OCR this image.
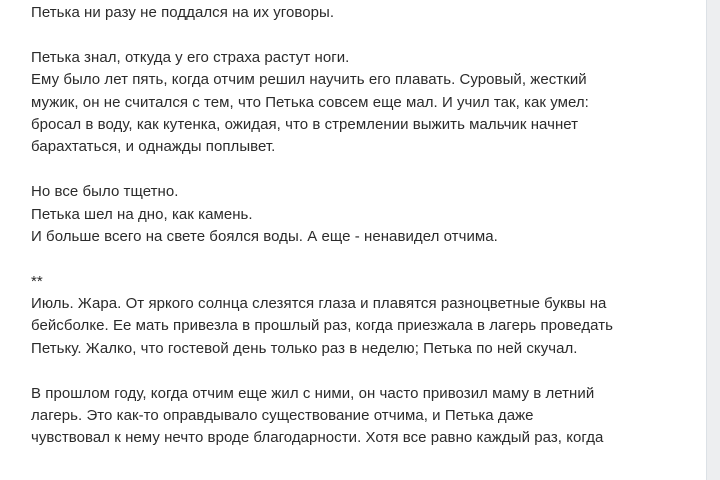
Петька ни разу не поддался на их уговоры.
Петька знал, откуда у его страха растут ноги.
Ему было лет пять, когда отчим решил научить его плавать. Суровый, жесткий
мужик, он не считался с тем, что Петька совсем еще мал. И учил так, как умел:
бросал в воду, как кутенка, ожидая, что в стремлении выжить мальчик начнет
барахтаться, и однажды поплывет.
Но все было тщетно.
Петька шел на дно, как камень.
И больше всего на свете боялся воды. А еще - ненавидел отчима.
**
Июль. Жара. От яркого солнца слезятся глаза и плавятся разноцветные буквы на
бейсболке. Ее мать привезла в прошлый раз, когда приезжала в лагерь проведать
Петьку. Жалко, что гостевой день только раз в неделю; Петька по ней скучал.
В прошлом году, когда отчим еще жил с ними, он часто привозил маму в летний
лагерь. Это как-то оправдывало существование отчима, и Петька даже
чувствовал к нему нечто вроде благодарности. Хотя все равно каждый раз, когда
